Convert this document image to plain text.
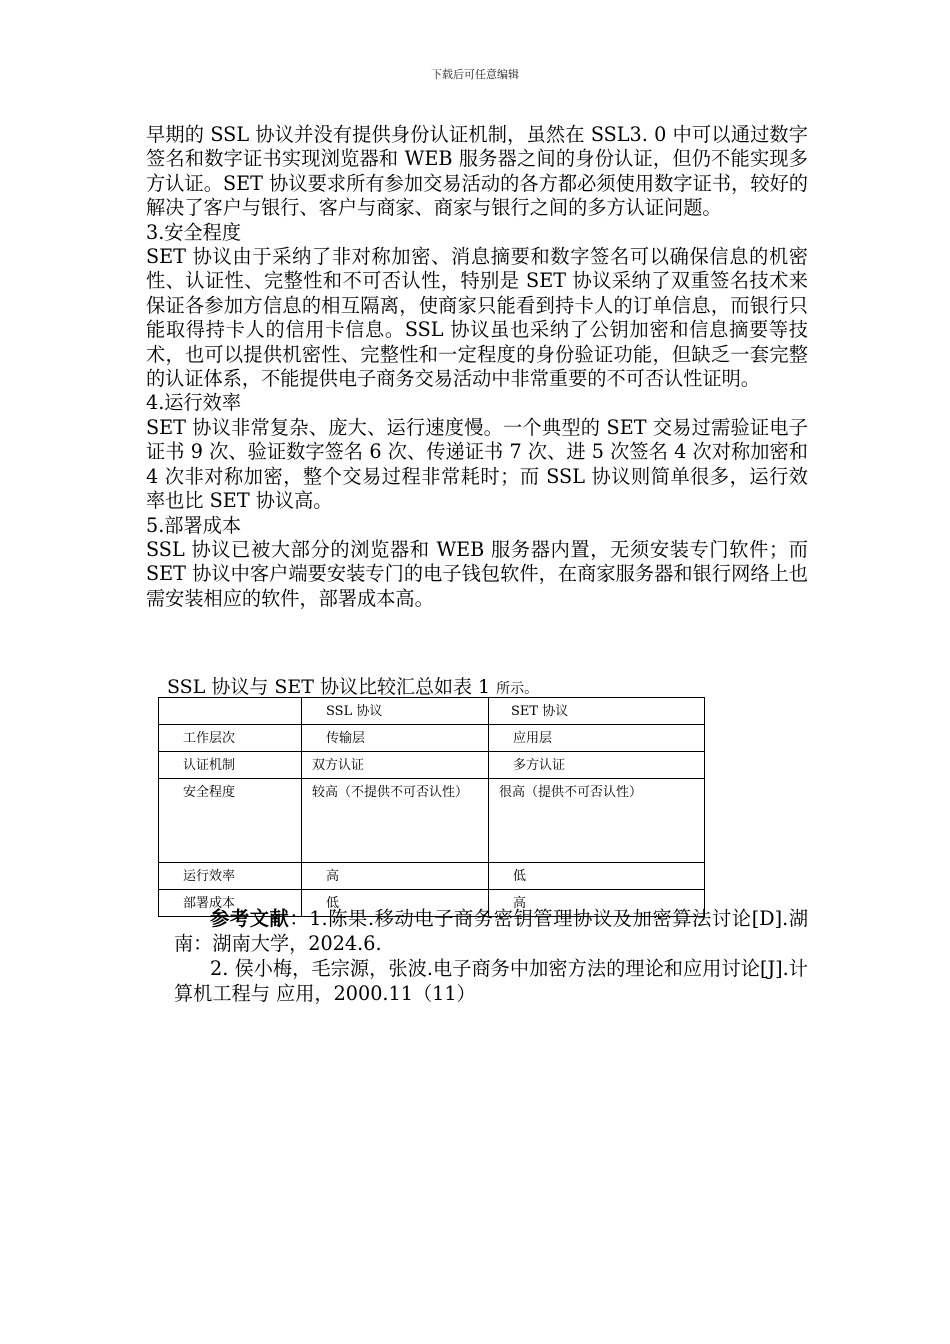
下载后可任意编辑

早期的 SSL 协议并没有提供身份认证机制，虽然在 SSL3. 0 中可以通过数字签名和数字证书实现浏览器和 WEB 服务器之间的身份认证，但仍不能实现多方认证。SET 协议要求所有参加交易活动的各方都必须使用数字证书，较好的解决了客户与银行、客户与商家、商家与银行之间的多方认证问题。

3.安全程度

SET 协议由于采纳了非对称加密、消息摘要和数字签名可以确保信息的机密性、认证性、完整性和不可否认性，特别是 SET 协议采纳了双重签名技术来保证各参加方信息的相互隔离，使商家只能看到持卡人的订单信息，而银行只能取得持卡人的信用卡信息。SSL 协议虽也采纳了公钥加密和信息摘要等技术，也可以提供机密性、完整性和一定程度的身份验证功能，但缺乏一套完整的认证体系，不能提供电子商务交易活动中非常重要的不可否认性证明。

4.运行效率

SET 协议非常复杂、庞大、运行速度慢。一个典型的 SET 交易过需验证电子证书 9 次、验证数字签名 6 次、传递证书 7 次、进 5 次签名 4 次对称加密和 4 次非对称加密，整个交易过程非常耗时；而 SSL 协议则简单很多，运行效率也比 SET 协议高。

5.部署成本

SSL 协议已被大部分的浏览器和 WEB 服务器内置，无须安装专门软件；而 SET 协议中客户端要安装专门的电子钱包软件，在商家服务器和银行网络上也需安装相应的软件，部署成本高。

SSL 协议与 SET 协议比较汇总如表 1 所示。
	SSL 协议	SET 协议
工作层次	传输层	应用层
认证机制	双方认证	多方认证
安全程度	较高（不提供不可否认性）	很高（提供不可否认性）
运行效率	高	低
部署成本	低	高

参考文献：1.陈果.移动电子商务密钥管理协议及加密算法讨论[D].湖南：湖南大学，2024.6.

2. 侯小梅，毛宗源，张波.电子商务中加密方法的理论和应用讨论[J].计算机工程与 应用，2000.11（11）
